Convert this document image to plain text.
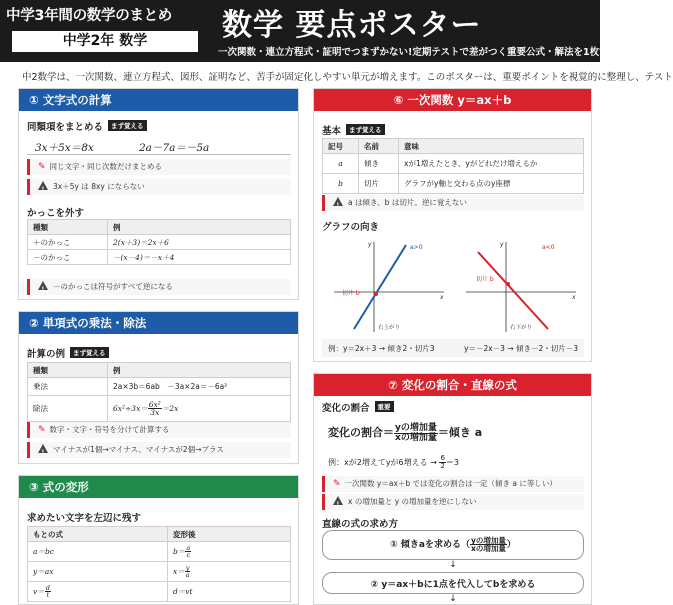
中学3年間の数学のまとめ
中学2年 数学	数学 要点ポスター
一次関数・連立方程式・証明でつまずかない!定期テストで差がつく重要公式・解法を1枚で総整理
中2数学は、一次関数、連立方程式、図形、証明など、苦手が固定化しやすい単元が増えます。このポスターは、重要ポイントを視覚的に整理し、テスト
① 文字式の計算
同類項をまとめる まず覚える
3x＋5x＝8x	2a－7a＝－5a
✎ 同じ文字・同じ次数だけまとめる
!3x＋5y は 8xy にならない
かっこを外す
種類	例
＋のかっこ	2(x＋3)＝2x＋6
－のかっこ	－(x－4)＝－x＋4
!－のかっこは符号がすべて逆になる
② 単項式の乗法・除法
計算の例 まず覚える
種類	例
乗法	2a×3b＝6ab　－3a×2a＝－6a²
除法	$6x^2\div 3x= \frac{\text{6x²}}{3x} =2x$
✎ 数字・文字・符号を分けて計算する
!マイナスが1個→マイナス、マイナスが2個→プラス
③ 式の変形
求めたい文字を左辺に残す
もとの式	変形後
a＝bc	$b= \frac{a}{c}$

y＝ax	$x= \frac{y}{a}$

$v= \frac{d}{t}$	d＝vt
⑥ 一次関数 y＝ax＋b
基本 まず覚える
記号	名前	意味
a	傾き	xが1増えたとき、yがどれだけ増えるか
b	切片	グラフがy軸と交わる点のy座標
!a は傾き、b は切片。逆に覚えない
グラフの向き
a>0
切片 b
右上がり
x
y	a<0
切片 b
右下がり
x
y
例：y＝2x＋3 → 傾き2・切片3	y＝－2x－3 → 傾き－2・切片－3
⑦ 変化の割合・直線の式
変化の割合 重要
変化の割合＝ $\frac{\text{yの増加量}}{\text{xの増加量}}$ ＝傾き a
例：xが2増えてyが6増える → $\frac{6}{2} =3$
✎ 一次関数 y＝ax＋b では変化の割合は一定（傾き a に等しい）
!x の増加量と y の増加量を逆にしない
直線の式の求め方
① 傾きaを求める（ $\frac{\text{yの増加量}}{\text{xの増加量}}$ ）
↓
② y＝ax＋bに1点を代入してbを求める
↓
